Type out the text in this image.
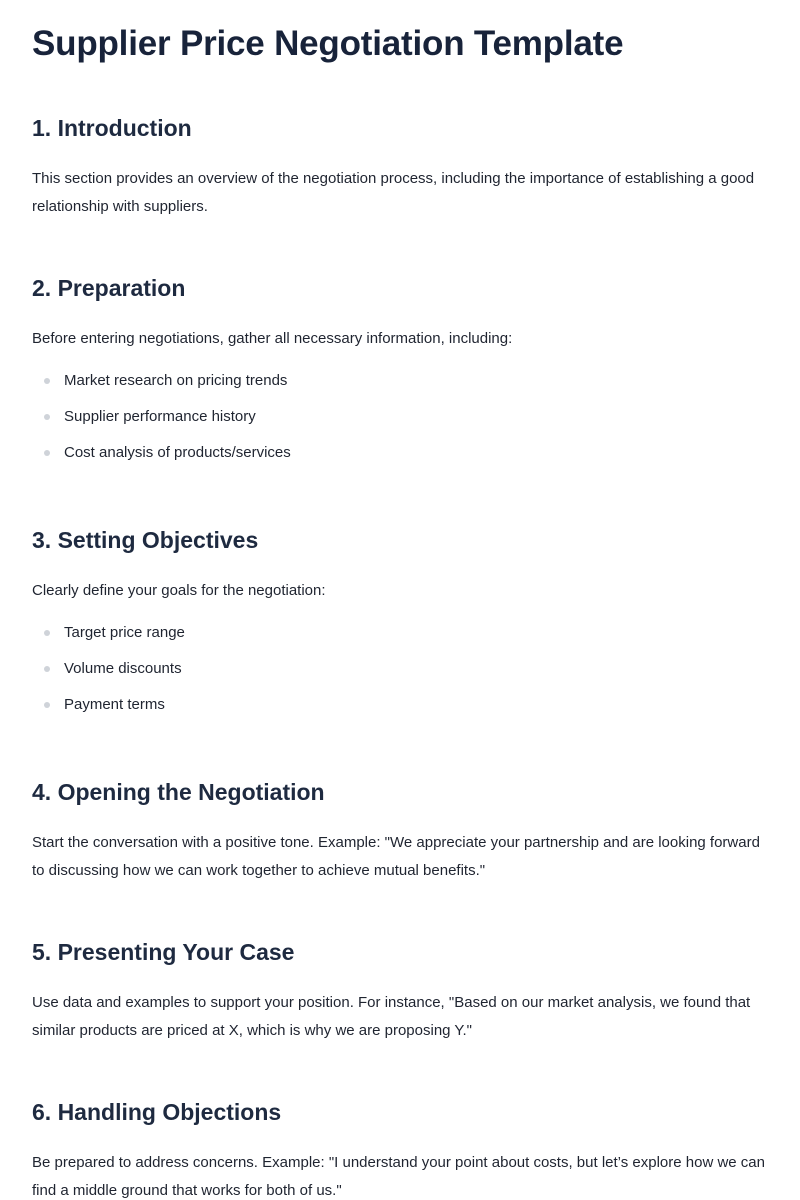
Supplier Price Negotiation Template
1. Introduction

This section provides an overview of the negotiation process, including the importance of establishing a good relationship with suppliers.

2. Preparation

Before entering negotiations, gather all necessary information, including:

Market research on pricing trends
Supplier performance history
Cost analysis of products/services
3. Setting Objectives

Clearly define your goals for the negotiation:

Target price range
Volume discounts
Payment terms
4. Opening the Negotiation

Start the conversation with a positive tone. Example: "We appreciate your partnership and are looking forward to discussing how we can work together to achieve mutual benefits."

5. Presenting Your Case

Use data and examples to support your position. For instance, "Based on our market analysis, we found that similar products are priced at X, which is why we are proposing Y."

6. Handling Objections

Be prepared to address concerns. Example: "I understand your point about costs, but let’s explore how we can find a middle ground that works for both of us."
